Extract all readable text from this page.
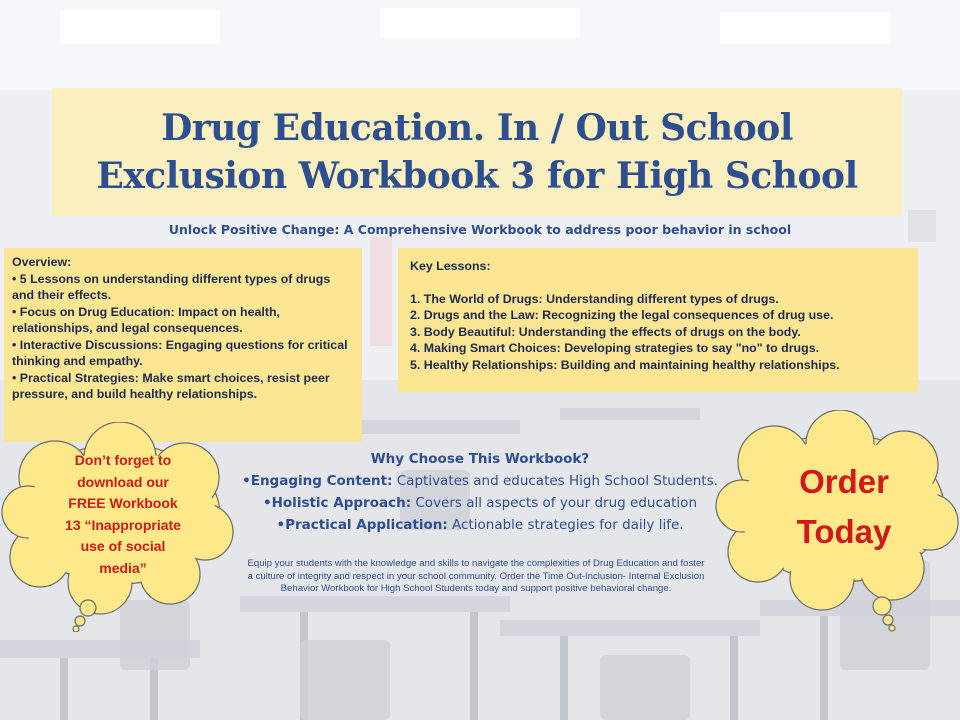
Drug Education. In / Out School
Exclusion Workbook 3 for High School
Unlock Positive Change: A Comprehensive Workbook to address poor behavior in school
Overview:
• 5 Lessons on understanding different types of drugs and their effects.
• Focus on Drug Education: Impact on health, relationships, and legal consequences.
• Interactive Discussions: Engaging questions for critical thinking and empathy.
• Practical Strategies: Make smart choices, resist peer pressure, and build healthy relationships.
Key Lessons:
1. The World of Drugs: Understanding different types of drugs.
2. Drugs and the Law: Recognizing the legal consequences of drug use.
3. Body Beautiful: Understanding the effects of drugs on the body.
4. Making Smart Choices: Developing strategies to say "no" to drugs.
5. Healthy Relationships: Building and maintaining healthy relationships.
Why Choose This Workbook?
•Engaging Content: Captivates and educates High School Students.
•Holistic Approach: Covers all aspects of your drug education
•Practical Application: Actionable strategies for daily life.
Equip your students with the knowledge and skills to navigate the complexities of Drug Education and foster a culture of integrity and respect in your school community. Order the Time Out-Inclusion- Internal Exclusion Behavior Workbook for High School Students today and support positive behavioral change.
Don’t forget to
download our
FREE Workbook
13 “Inappropriate
use of social
media”
Order
Today
